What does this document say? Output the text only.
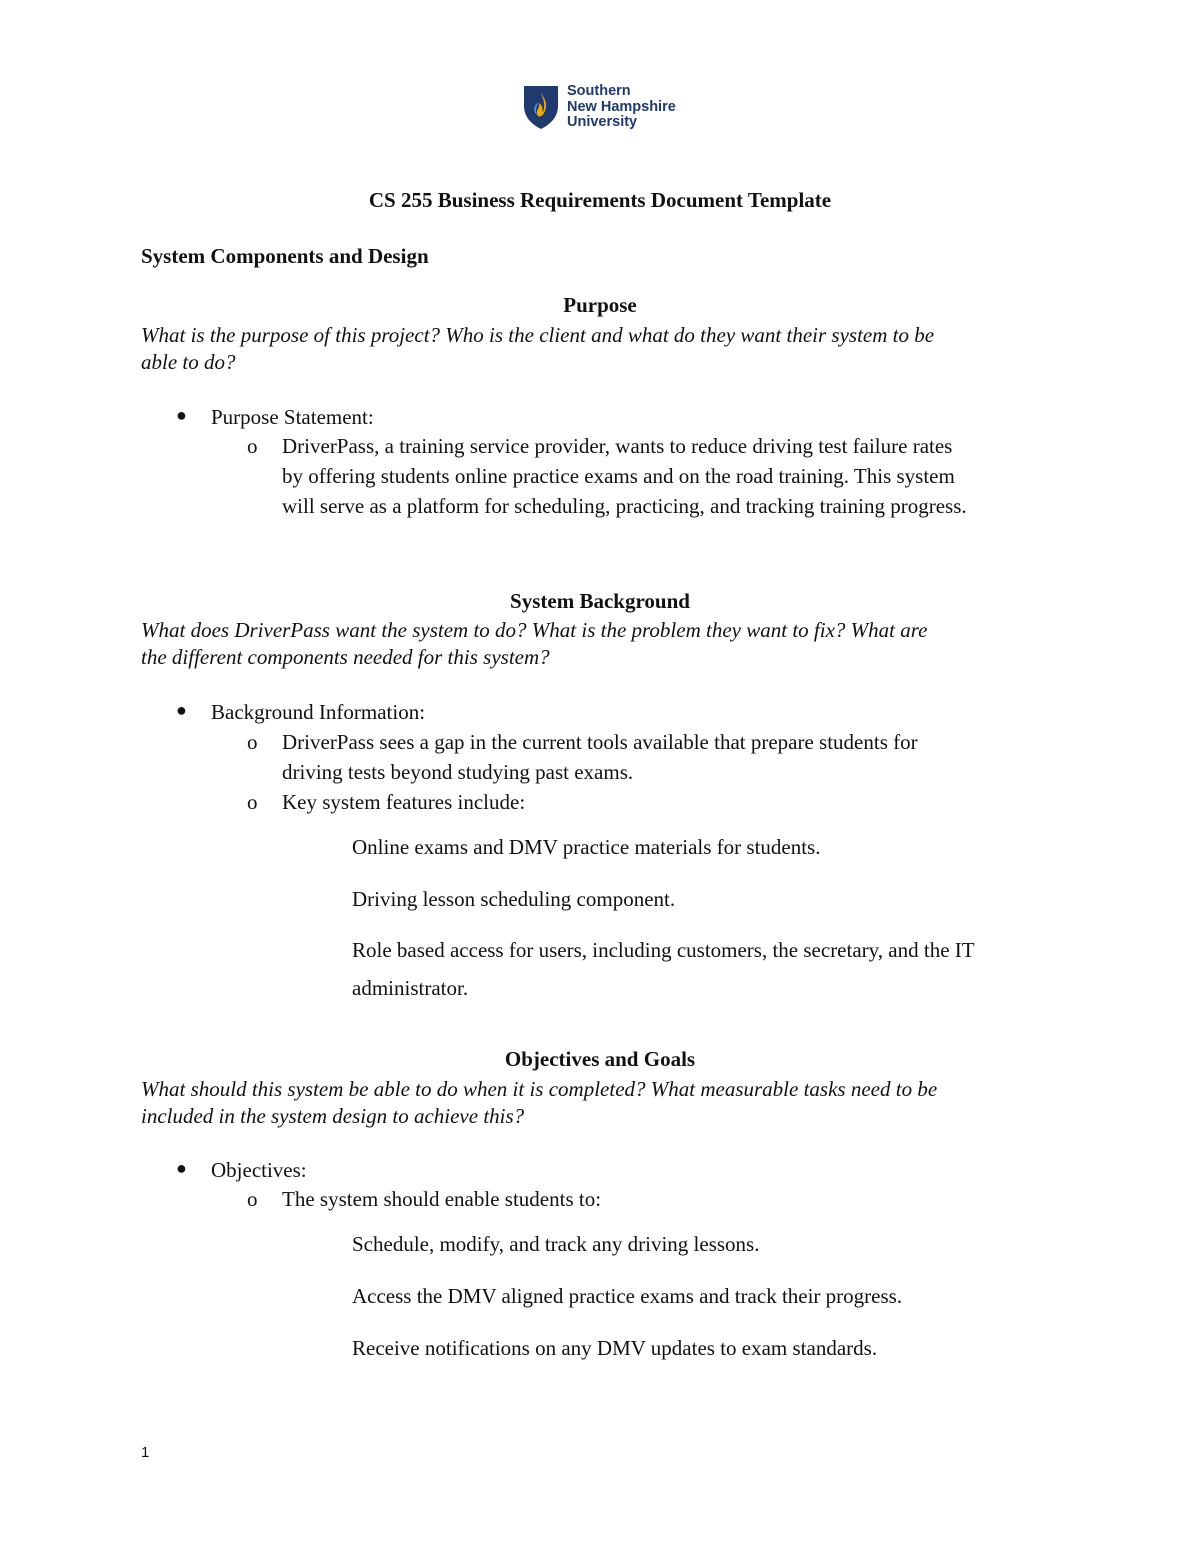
Southern
New Hampshire
University
CS 255 Business Requirements Document Template
System Components and Design
Purpose
What is the purpose of this project? Who is the client and what do they want their system to be
able to do?
●	Purpose Statement:
o	DriverPass, a training service provider, wants to reduce driving test failure rates
by offering students online practice exams and on the road training. This system
will serve as a platform for scheduling, practicing, and tracking training progress.
System Background
What does DriverPass want the system to do? What is the problem they want to fix? What are
the different components needed for this system?
●	Background Information:
o	DriverPass sees a gap in the current tools available that prepare students for
driving tests beyond studying past exams.
o	Key system features include:
Online exams and DMV practice materials for students.
Driving lesson scheduling component.
Role based access for users, including customers, the secretary, and the IT
administrator.
Objectives and Goals
What should this system be able to do when it is completed? What measurable tasks need to be
included in the system design to achieve this?
●	Objectives:
o	The system should enable students to:
Schedule, modify, and track any driving lessons.
Access the DMV aligned practice exams and track their progress.
Receive notifications on any DMV updates to exam standards.
1
